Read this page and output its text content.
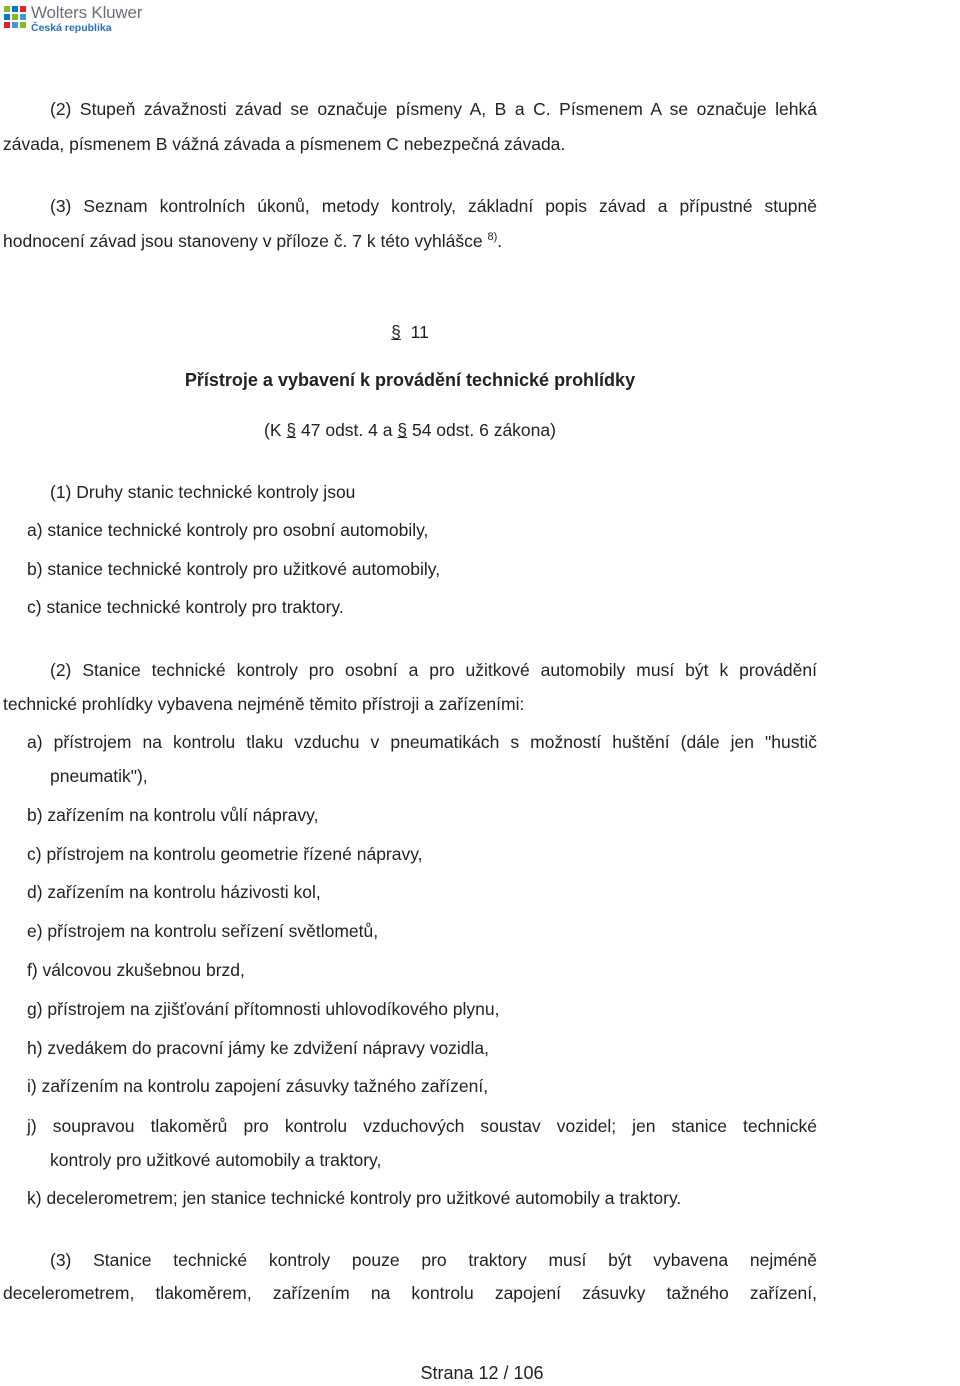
Wolters Kluwer
Česká republika
(2) Stupeň závažnosti závad se označuje písmeny A, B a C. Písmenem A se označuje lehká
závada, písmenem B vážná závada a písmenem C nebezpečná závada.
(3) Seznam kontrolních úkonů, metody kontroly, základní popis závad a přípustné stupně
hodnocení závad jsou stanoveny v příloze č. 7 k této vyhlášce $^{8)}$.
§ 11
Přístroje a vybavení k provádění technické prohlídky
(K § 47 odst. 4 a § 54 odst. 6 zákona)
(1) Druhy stanic technické kontroly jsou
a) stanice technické kontroly pro osobní automobily,
b) stanice technické kontroly pro užitkové automobily,
c) stanice technické kontroly pro traktory.
(2) Stanice technické kontroly pro osobní a pro užitkové automobily musí být k provádění
technické prohlídky vybavena nejméně těmito přístroji a zařízeními:
a) přístrojem na kontrolu tlaku vzduchu v pneumatikách s možností huštění (dále jen "hustič
pneumatik"),
b) zařízením na kontrolu vůlí nápravy,
c) přístrojem na kontrolu geometrie řízené nápravy,
d) zařízením na kontrolu házivosti kol,
e) přístrojem na kontrolu seřízení světlometů,
f) válcovou zkušebnou brzd,
g) přístrojem na zjišťování přítomnosti uhlovodíkového plynu,
h) zvedákem do pracovní jámy ke zdvižení nápravy vozidla,
i) zařízením na kontrolu zapojení zásuvky tažného zařízení,
j) soupravou tlakoměrů pro kontrolu vzduchových soustav vozidel; jen stanice technické
kontroly pro užitkové automobily a traktory,
k) decelerometrem; jen stanice technické kontroly pro užitkové automobily a traktory.
(3) Stanice technické kontroly pouze pro traktory musí být vybavena nejméně
decelerometrem, tlakoměrem, zařízením na kontrolu zapojení zásuvky tažného zařízení,
Strana 12 / 106
